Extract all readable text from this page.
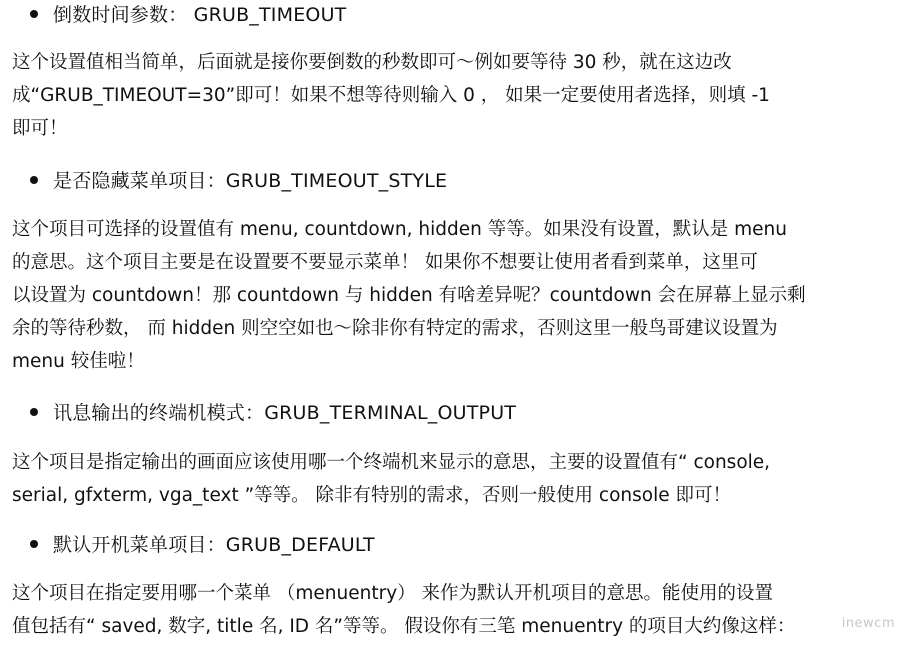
倒数时间参数： GRUB_TIMEOUT
这个设置值相当简单，后面就是接你要倒数的秒数即可～例如要等待 30 秒，就在这边改
成“GRUB_TIMEOUT=30”即可！如果不想等待则输入 0 ， 如果一定要使用者选择，则填 -1
即可！
是否隐藏菜单项目：GRUB_TIMEOUT_STYLE
这个项目可选择的设置值有 menu, countdown, hidden 等等。如果没有设置，默认是 menu
的意思。这个项目主要是在设置要不要显示菜单！ 如果你不想要让使用者看到菜单，这里可
以设置为 countdown！那 countdown 与 hidden 有啥差异呢？countdown 会在屏幕上显示剩
余的等待秒数， 而 hidden 则空空如也～除非你有特定的需求，否则这里一般鸟哥建议设置为
menu 较佳啦！
讯息输出的终端机模式：GRUB_TERMINAL_OUTPUT
这个项目是指定输出的画面应该使用哪一个终端机来显示的意思，主要的设置值有“ console,
serial, gfxterm, vga_text ”等等。 除非有特别的需求，否则一般使用 console 即可！
默认开机菜单项目：GRUB_DEFAULT
这个项目在指定要用哪一个菜单 （menuentry） 来作为默认开机项目的意思。能使用的设置
值包括有“ saved, 数字, title 名, ID 名”等等。 假设你有三笔 menuentry 的项目大约像这样：	inewcm
